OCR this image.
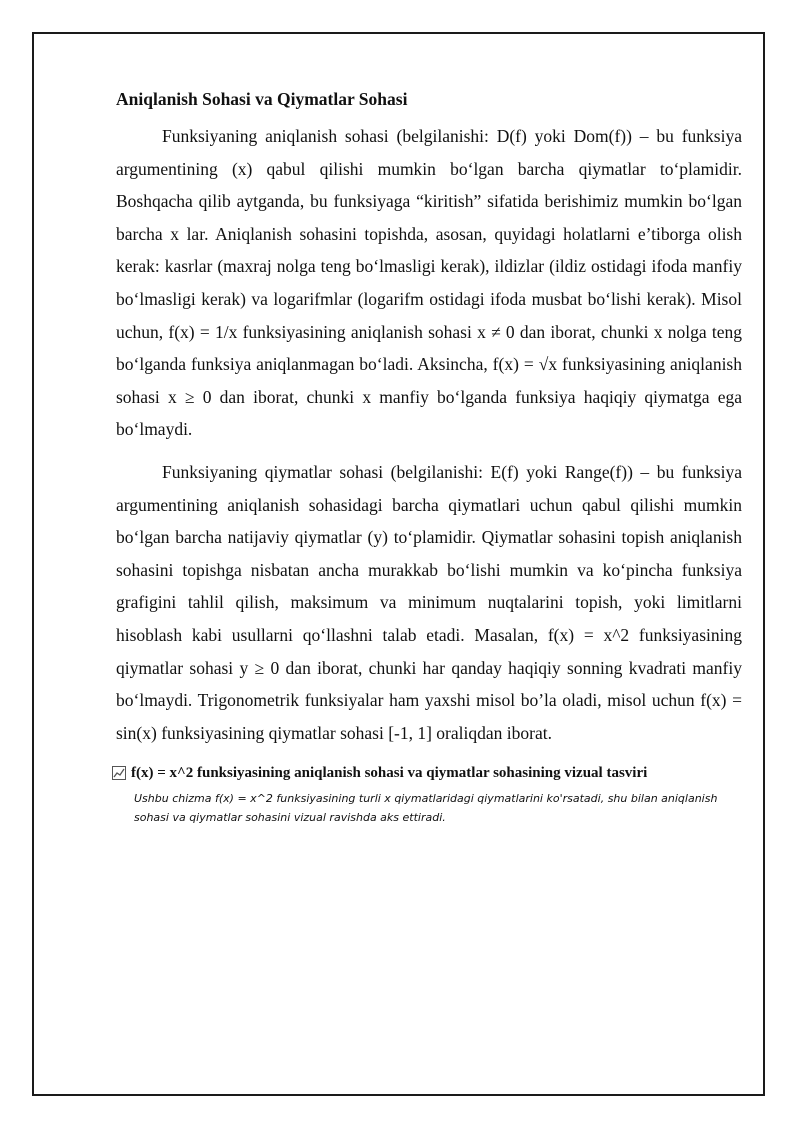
Aniqlanish Sohasi va Qiymatlar Sohasi

Funksiyaning aniqlanish sohasi (belgilanishi: D(f) yoki Dom(f)) – bu funksiya argumentining (x) qabul qilishi mumkin bo‘lgan barcha qiymatlar to‘plamidir. Boshqacha qilib aytganda, bu funksiyaga “kiritish” sifatida berishimiz mumkin bo‘lgan barcha x lar. Aniqlanish sohasini topishda, asosan, quyidagi holatlarni e’tiborga olish kerak: kasrlar (maxraj nolga teng bo‘lmasligi kerak), ildizlar (ildiz ostidagi ifoda manfiy bo‘lmasligi kerak) va logarifmlar (logarifm ostidagi ifoda musbat bo‘lishi kerak). Misol uchun, f(x) = 1/x funksiyasining aniqlanish sohasi x ≠ 0 dan iborat, chunki x nolga teng bo‘lganda funksiya aniqlanmagan bo‘ladi. Aksincha, f(x) = √x funksiyasining aniqlanish sohasi x ≥ 0 dan iborat, chunki x manfiy bo‘lganda funksiya haqiqiy qiymatga ega bo‘lmaydi.

Funksiyaning qiymatlar sohasi (belgilanishi: E(f) yoki Range(f)) – bu funksiya argumentining aniqlanish sohasidagi barcha qiymatlari uchun qabul qilishi mumkin bo‘lgan barcha natijaviy qiymatlar (y) to‘plamidir. Qiymatlar sohasini topish aniqlanish sohasini topishga nisbatan ancha murakkab bo‘lishi mumkin va ko‘pincha funksiya grafigini tahlil qilish, maksimum va minimum nuqtalarini topish, yoki limitlarni hisoblash kabi usullarni qo‘llashni talab etadi. Masalan, f(x) = x^2 funksiyasining qiymatlar sohasi y ≥ 0 dan iborat, chunki har qanday haqiqiy sonning kvadrati manfiy bo‘lmaydi. Trigonometrik funksiyalar ham yaxshi misol bo’la oladi, misol uchun f(x) = sin(x) funksiyasining qiymatlar sohasi [-1, 1] oraliqdan iborat.

f(x) = x^2 funksiyasining aniqlanish sohasi va qiymatlar sohasining vizual tasviri
Ushbu chizma f(x) = x^2 funksiyasining turli x qiymatlaridagi qiymatlarini ko'rsatadi, shu bilan aniqlanish sohasi va qiymatlar sohasini vizual ravishda aks ettiradi.
